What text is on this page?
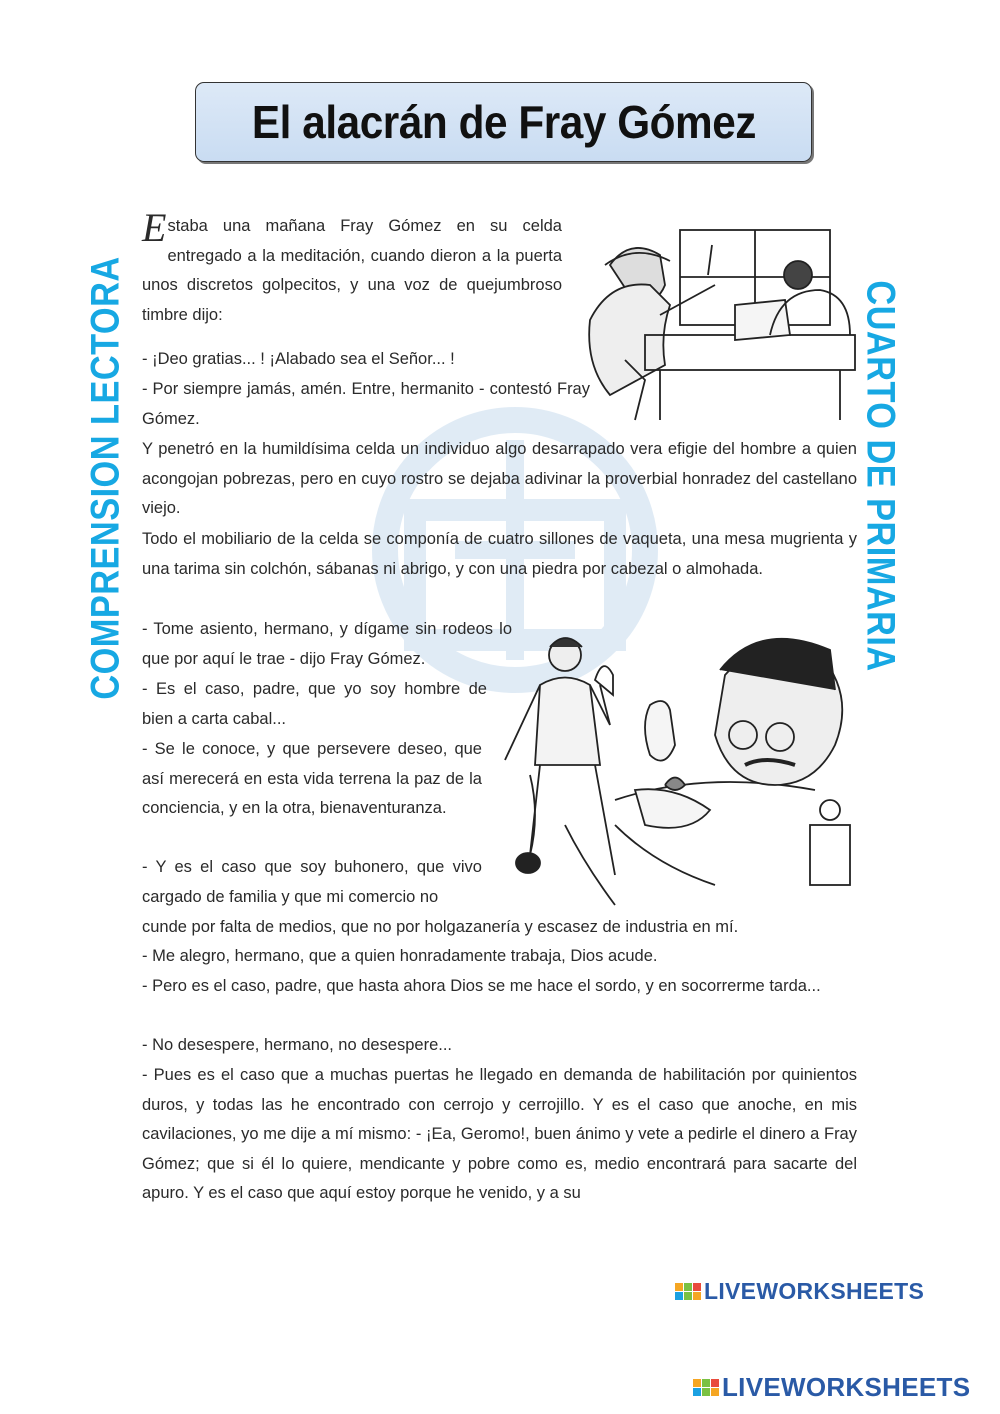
El alacrán de Fray Gómez
COMPRENSION LECTORA	CUARTO DE PRIMARIA

Estaba una mañana Fray Gómez en su celda entregado a la meditación, cuando dieron a la puerta unos discretos golpecitos, y una voz de quejumbroso timbre dijo:

- ¡Deo gratias... ! ¡Alabado sea el Señor... !

- Por siempre jamás, amén. Entre, hermanito - contestó Fray Gómez.

Y penetró en la humildísima celda un individuo algo desarrapado vera efigie del hombre a quien acongojan pobrezas, pero en cuyo rostro se dejaba adivinar la proverbial honradez del castellano viejo.

Todo el mobiliario de la celda se componía de cuatro sillones de vaqueta, una mesa mugrienta y una tarima sin colchón, sábanas ni abrigo, y con una piedra por cabezal o almohada.

- Tome asiento, hermano, y dígame sin rodeos lo que por aquí le trae - dijo Fray Gómez.

- Es el caso, padre, que yo soy hombre de bien a carta cabal...

- Se le conoce, y que persevere deseo, que así merecerá en esta vida terrena la paz de la conciencia, y en la otra, bienaventuranza.

- Y es el caso que soy buhonero, que vivo cargado de familia y que mi comercio no

cunde por falta de medios, que no por holgazanería y escasez de industria en mí.

- Me alegro, hermano, que a quien honradamente trabaja, Dios acude.

- Pero es el caso, padre, que hasta ahora Dios se me hace el sordo, y en socorrerme tarda...

- No desespere, hermano, no desespere...

- Pues es el caso que a muchas puertas he llegado en demanda de habilitación por quinientos duros, y todas las he encontrado con cerrojo y cerrojillo. Y es el caso que anoche, en mis cavilaciones, yo me dije a mí mismo: - ¡Ea, Geromo!, buen ánimo y vete a pedirle el dinero a Fray Gómez; que si él lo quiere, mendicante y pobre como es, medio encontrará para sacarte del apuro. Y es el caso que aquí estoy porque he venido, y a su

LIVEWORKSHEETS
LIVEWORKSHEETS
